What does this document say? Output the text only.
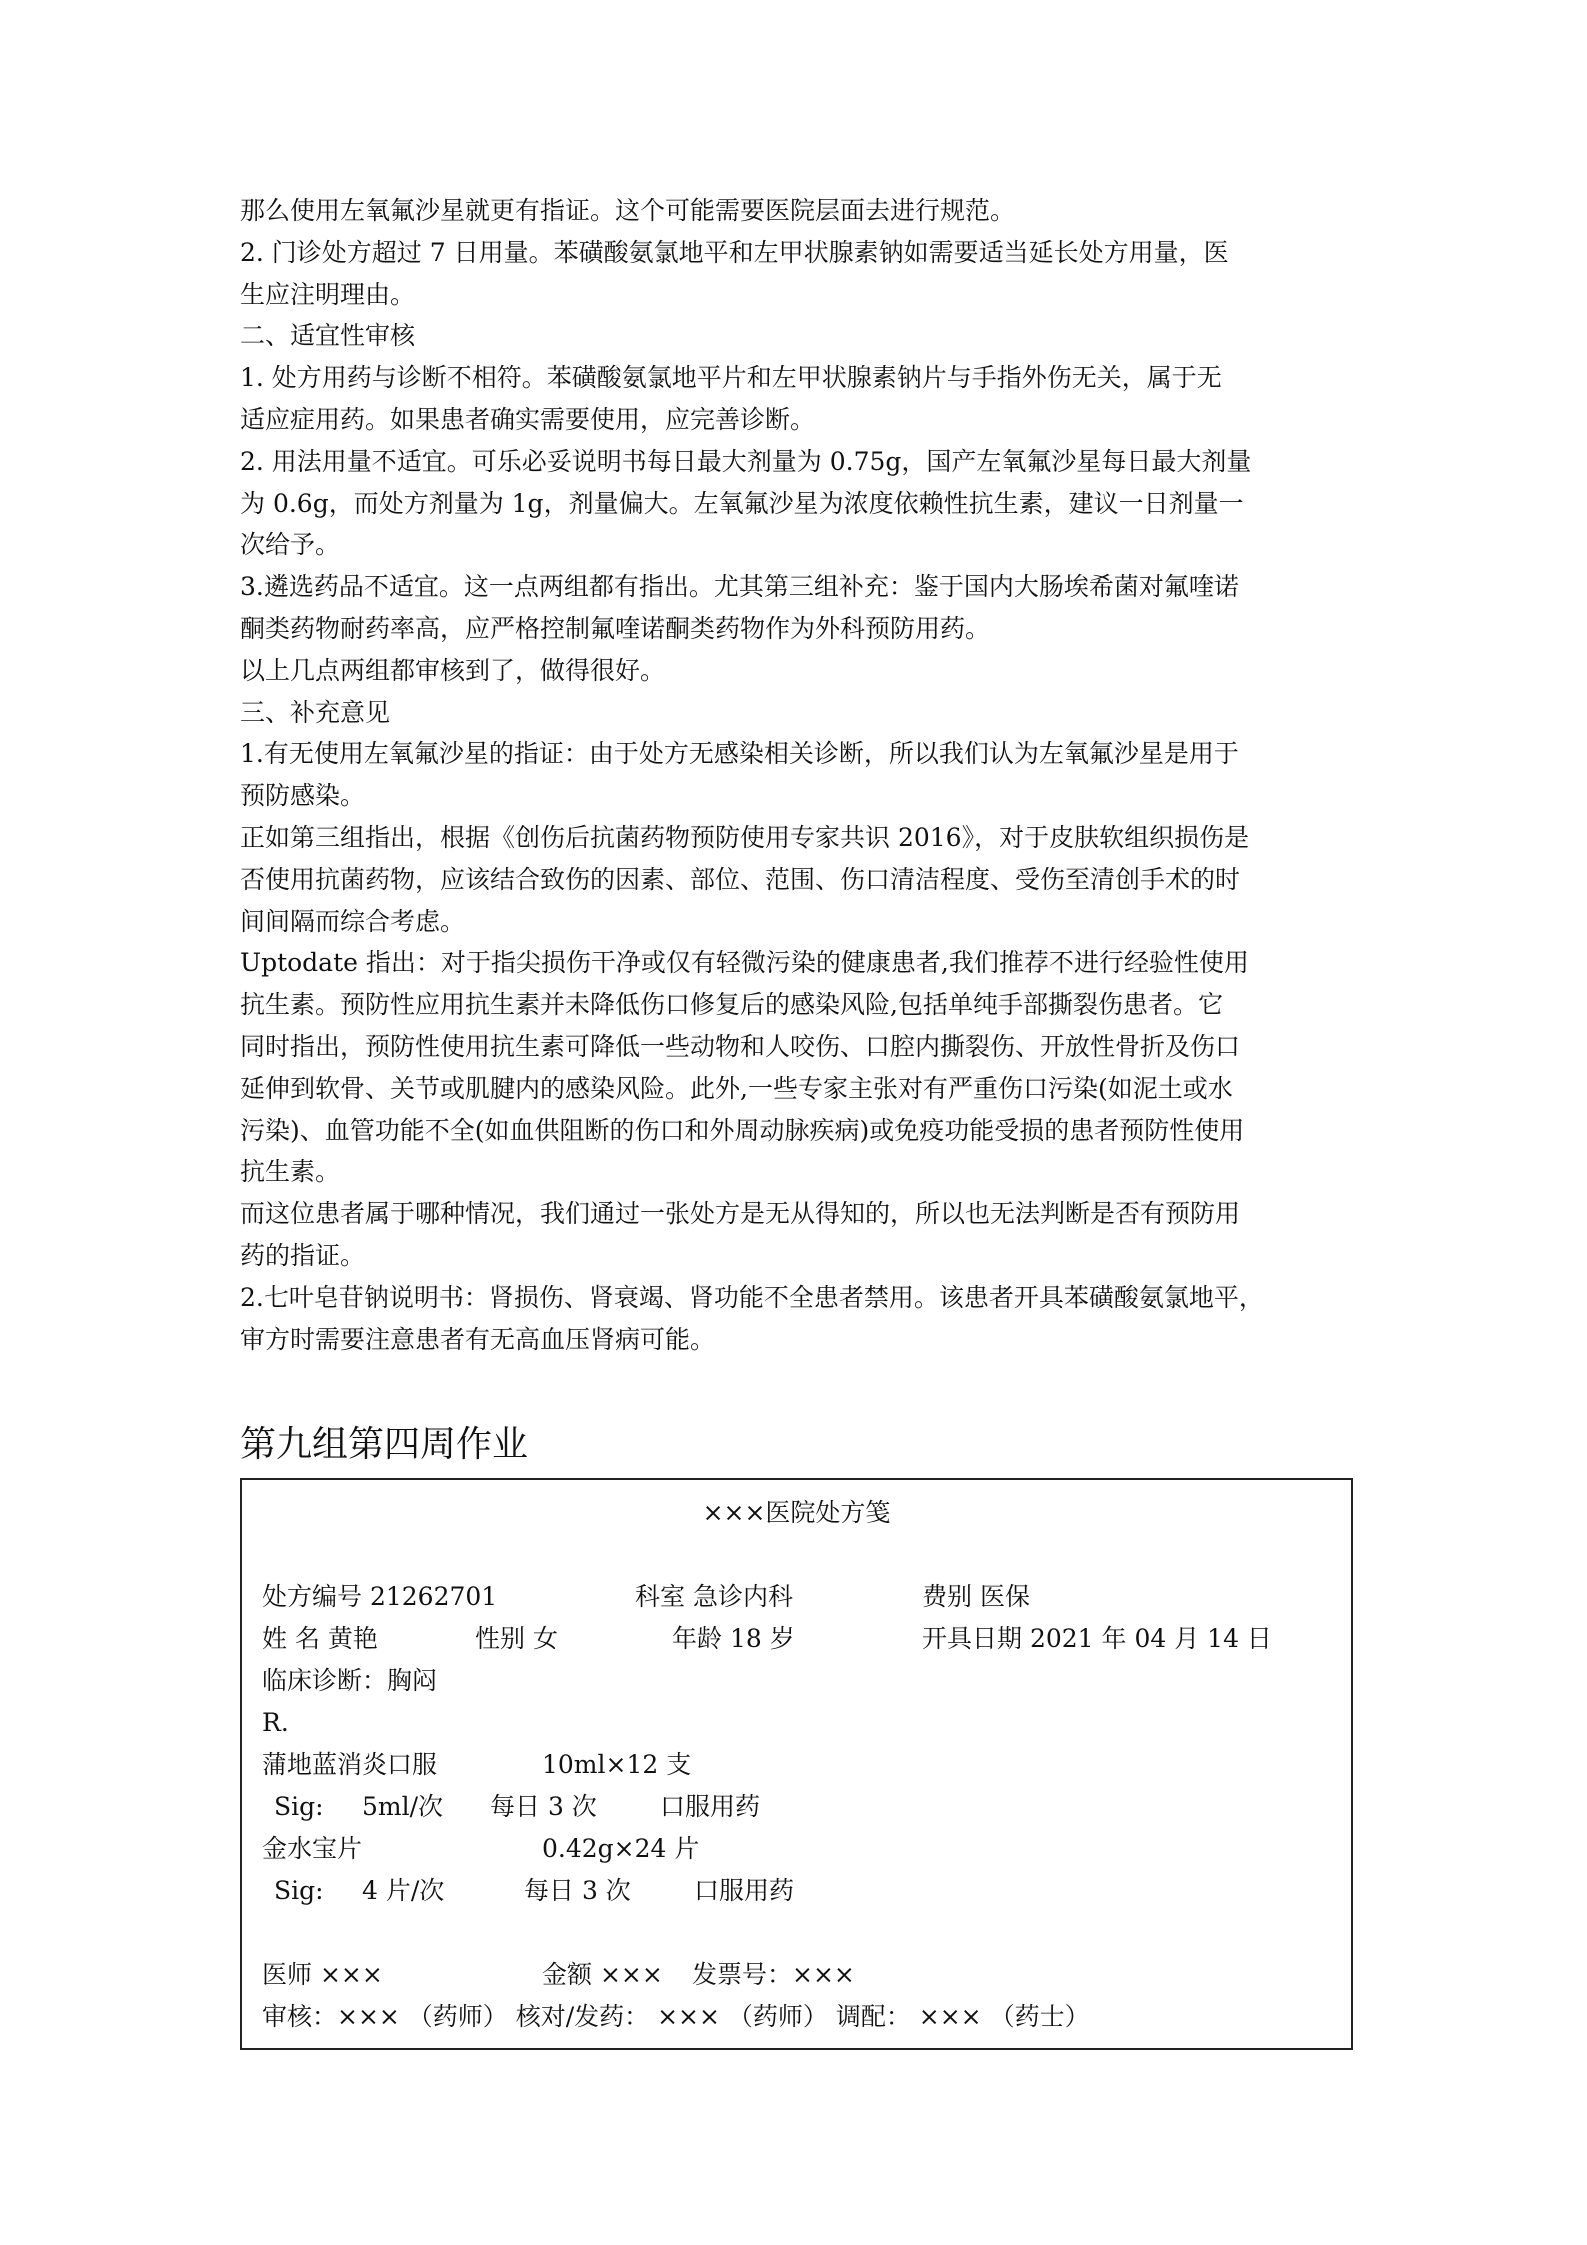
那么使用左氧氟沙星就更有指证。这个可能需要医院层面去进行规范。

2. 门诊处方超过 7 日用量。苯磺酸氨氯地平和左甲状腺素钠如需要适当延长处方用量，医

生应注明理由。

二、适宜性审核

1. 处方用药与诊断不相符。苯磺酸氨氯地平片和左甲状腺素钠片与手指外伤无关，属于无

适应症用药。如果患者确实需要使用，应完善诊断。

2. 用法用量不适宜。可乐必妥说明书每日最大剂量为 0.75g，国产左氧氟沙星每日最大剂量

为 0.6g，而处方剂量为 1g，剂量偏大。左氧氟沙星为浓度依赖性抗生素，建议一日剂量一

次给予。

3.遴选药品不适宜。这一点两组都有指出。尤其第三组补充：鉴于国内大肠埃希菌对氟喹诺

酮类药物耐药率高，应严格控制氟喹诺酮类药物作为外科预防用药。

以上几点两组都审核到了，做得很好。

三、补充意见

1.有无使用左氧氟沙星的指证：由于处方无感染相关诊断，所以我们认为左氧氟沙星是用于

预防感染。

正如第三组指出，根据《创伤后抗菌药物预防使用专家共识 2016》，对于皮肤软组织损伤是

否使用抗菌药物，应该结合致伤的因素、部位、范围、伤口清洁程度、受伤至清创手术的时

间间隔而综合考虑。

Uptodate 指出：对于指尖损伤干净或仅有轻微污染的健康患者,我们推荐不进行经验性使用

抗生素。预防性应用抗生素并未降低伤口修复后的感染风险,包括单纯手部撕裂伤患者。它

同时指出，预防性使用抗生素可降低一些动物和人咬伤、口腔内撕裂伤、开放性骨折及伤口

延伸到软骨、关节或肌腱内的感染风险。此外,一些专家主张对有严重伤口污染(如泥土或水

污染)、血管功能不全(如血供阻断的伤口和外周动脉疾病)或免疫功能受损的患者预防性使用

抗生素。

而这位患者属于哪种情况，我们通过一张处方是无从得知的，所以也无法判断是否有预防用

药的指证。

2.七叶皂苷钠说明书：肾损伤、肾衰竭、肾功能不全患者禁用。该患者开具苯磺酸氨氯地平，

审方时需要注意患者有无高血压肾病可能。

第九组第四周作业
×××医院处方笺
处方编号 21262701	科室 急诊内科	费别 医保
姓 名 黄艳	性别 女	年龄 18 岁	开具日期 2021 年 04 月 14 日
临床诊断：胸闷
R.
蒲地蓝消炎口服	10ml×12 支
Sig: 5ml/次 每日 3 次	口服用药
金水宝片	0.42g×24 片
Sig: 4 片/次	每日 3 次	口服用药
医师 ×××	金额 ××× 发票号：×××
审核：××× （药师） 核对/发药： ××× （药师） 调配： ××× （药士）
